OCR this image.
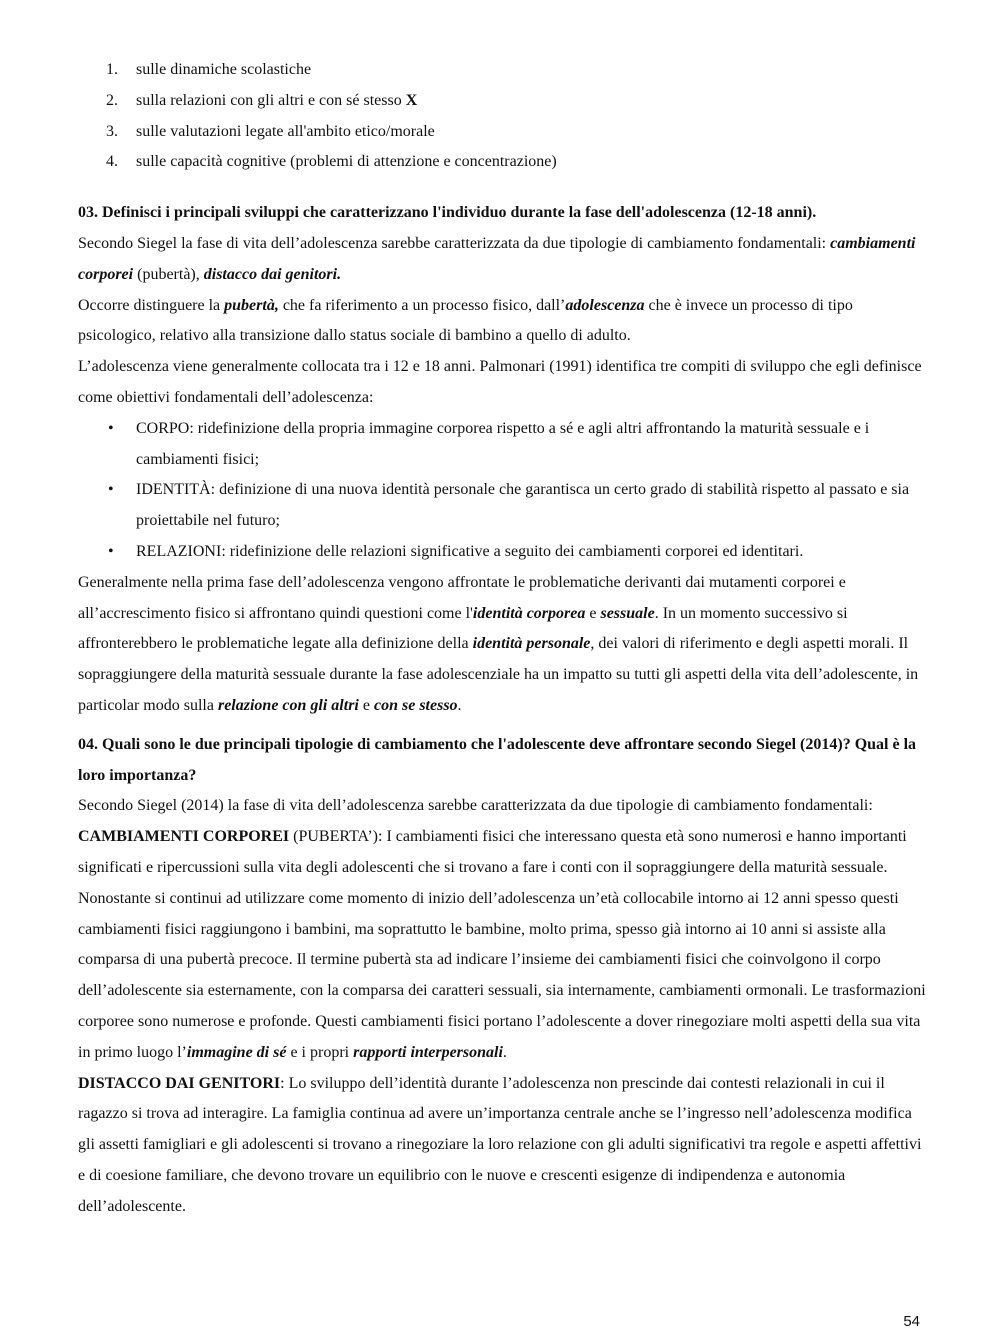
1. sulle dinamiche scolastiche
2. sulla relazioni con gli altri e con sé stesso X
3. sulle valutazioni legate all'ambito etico/morale
4. sulle capacità cognitive (problemi di attenzione e concentrazione)

03. Definisci i principali sviluppi che caratterizzano l'individuo durante la fase dell'adolescenza (12-18 anni).

Secondo Siegel la fase di vita dell’adolescenza sarebbe caratterizzata da due tipologie di cambiamento fondamentali: cambiamenti corporei (pubertà), distacco dai genitori.

Occorre distinguere la pubertà, che fa riferimento a un processo fisico, dall’adolescenza che è invece un processo di tipo psicologico, relativo alla transizione dallo status sociale di bambino a quello di adulto.

L’adolescenza viene generalmente collocata tra i 12 e 18 anni. Palmonari (1991) identifica tre compiti di sviluppo che egli definisce come obiettivi fondamentali dell’adolescenza:

• CORPO: ridefinizione della propria immagine corporea rispetto a sé e agli altri affrontando la maturità sessuale e i cambiamenti fisici;
• IDENTITÀ: definizione di una nuova identità personale che garantisca un certo grado di stabilità rispetto al passato e sia proiettabile nel futuro;
• RELAZIONI: ridefinizione delle relazioni significative a seguito dei cambiamenti corporei ed identitari.

Generalmente nella prima fase dell’adolescenza vengono affrontate le problematiche derivanti dai mutamenti corporei e all’accrescimento fisico si affrontano quindi questioni come l'identità corporea e sessuale. In un momento successivo si affronterebbero le problematiche legate alla definizione della identità personale, dei valori di riferimento e degli aspetti morali. Il sopraggiungere della maturità sessuale durante la fase adolescenziale ha un impatto su tutti gli aspetti della vita dell’adolescente, in particolar modo sulla relazione con gli altri e con se stesso.

04. Quali sono le due principali tipologie di cambiamento che l'adolescente deve affrontare secondo Siegel (2014)? Qual è la loro importanza?

Secondo Siegel (2014) la fase di vita dell’adolescenza sarebbe caratterizzata da due tipologie di cambiamento fondamentali:

CAMBIAMENTI CORPOREI (PUBERTA’): I cambiamenti fisici che interessano questa età sono numerosi e hanno importanti significati e ripercussioni sulla vita degli adolescenti che si trovano a fare i conti con il sopraggiungere della maturità sessuale. Nonostante si continui ad utilizzare come momento di inizio dell’adolescenza un’età collocabile intorno ai 12 anni spesso questi cambiamenti fisici raggiungono i bambini, ma soprattutto le bambine, molto prima, spesso già intorno ai 10 anni si assiste alla comparsa di una pubertà precoce. Il termine pubertà sta ad indicare l’insieme dei cambiamenti fisici che coinvolgono il corpo dell’adolescente sia esternamente, con la comparsa dei caratteri sessuali, sia internamente, cambiamenti ormonali. Le trasformazioni corporee sono numerose e profonde. Questi cambiamenti fisici portano l’adolescente a dover rinegoziare molti aspetti della sua vita in primo luogo l’immagine di sé e i propri rapporti interpersonali.

DISTACCO DAI GENITORI: Lo sviluppo dell’identità durante l’adolescenza non prescinde dai contesti relazionali in cui il ragazzo si trova ad interagire. La famiglia continua ad avere un’importanza centrale anche se l’ingresso nell’adolescenza modifica gli assetti famigliari e gli adolescenti si trovano a rinegoziare la loro relazione con gli adulti significativi tra regole e aspetti affettivi e di coesione familiare, che devono trovare un equilibrio con le nuove e crescenti esigenze di indipendenza e autonomia dell’adolescente.

54
